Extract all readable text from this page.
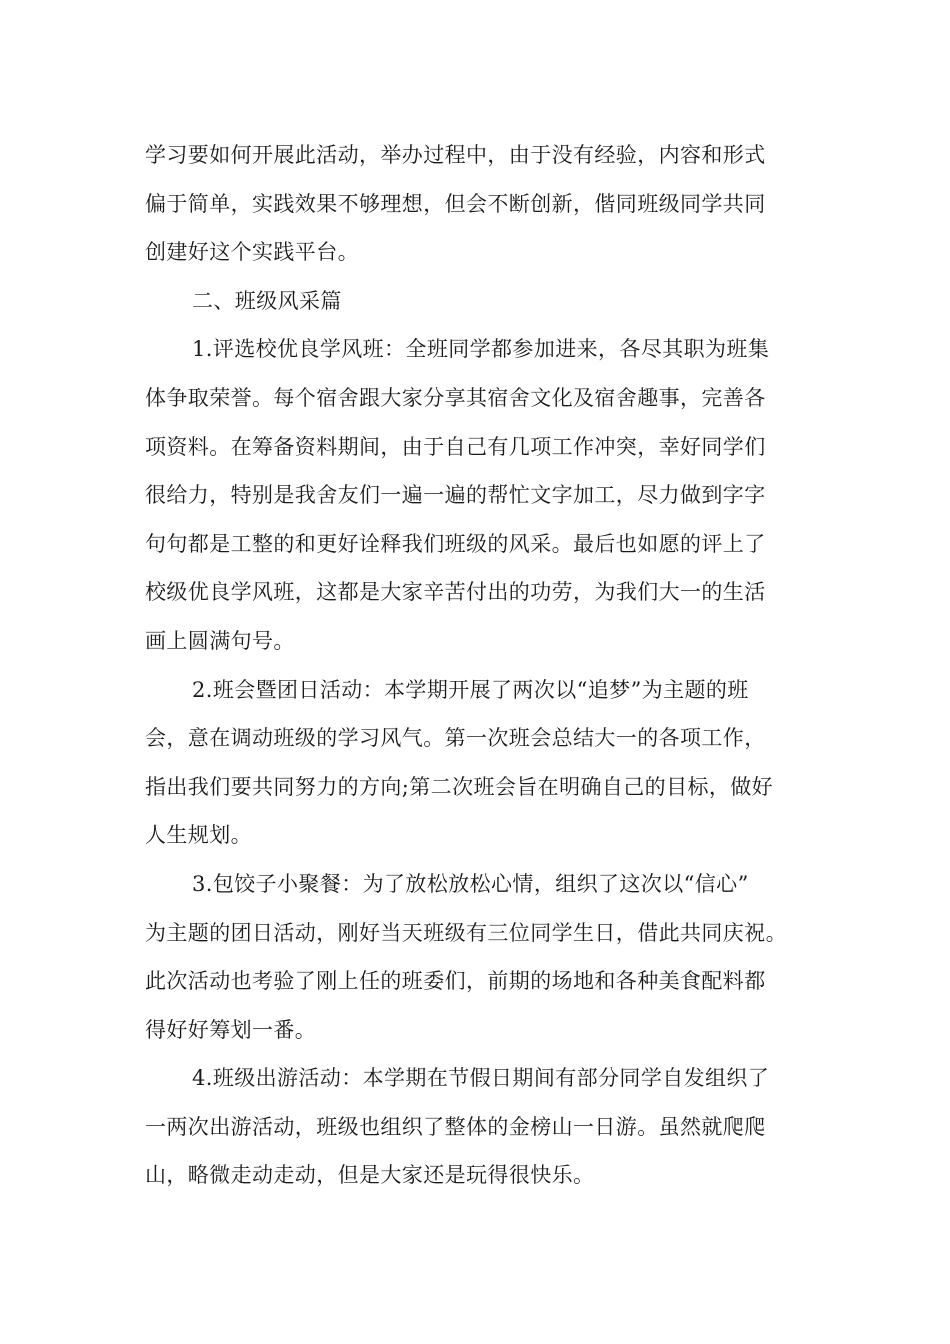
学习要如何开展此活动，举办过程中，由于没有经验，内容和形式
偏于简单，实践效果不够理想，但会不断创新，偕同班级同学共同
创建好这个实践平台。

二、班级风采篇

1.评选校优良学风班：全班同学都参加进来，各尽其职为班集
体争取荣誉。每个宿舍跟大家分享其宿舍文化及宿舍趣事，完善各
项资料。在筹备资料期间，由于自己有几项工作冲突，幸好同学们
很给力，特别是我舍友们一遍一遍的帮忙文字加工，尽力做到字字
句句都是工整的和更好诠释我们班级的风采。最后也如愿的评上了
校级优良学风班，这都是大家辛苦付出的功劳，为我们大一的生活
画上圆满句号。

2.班会暨团日活动：本学期开展了两次以“追梦”为主题的班
会，意在调动班级的学习风气。第一次班会总结大一的各项工作，
指出我们要共同努力的方向;第二次班会旨在明确自己的目标，做好
人生规划。

3.包饺子小聚餐：为了放松放松心情，组织了这次以“信心”
为主题的团日活动，刚好当天班级有三位同学生日，借此共同庆祝。
此次活动也考验了刚上任的班委们，前期的场地和各种美食配料都
得好好筹划一番。

4.班级出游活动：本学期在节假日期间有部分同学自发组织了
一两次出游活动，班级也组织了整体的金榜山一日游。虽然就爬爬
山，略微走动走动，但是大家还是玩得很快乐。
